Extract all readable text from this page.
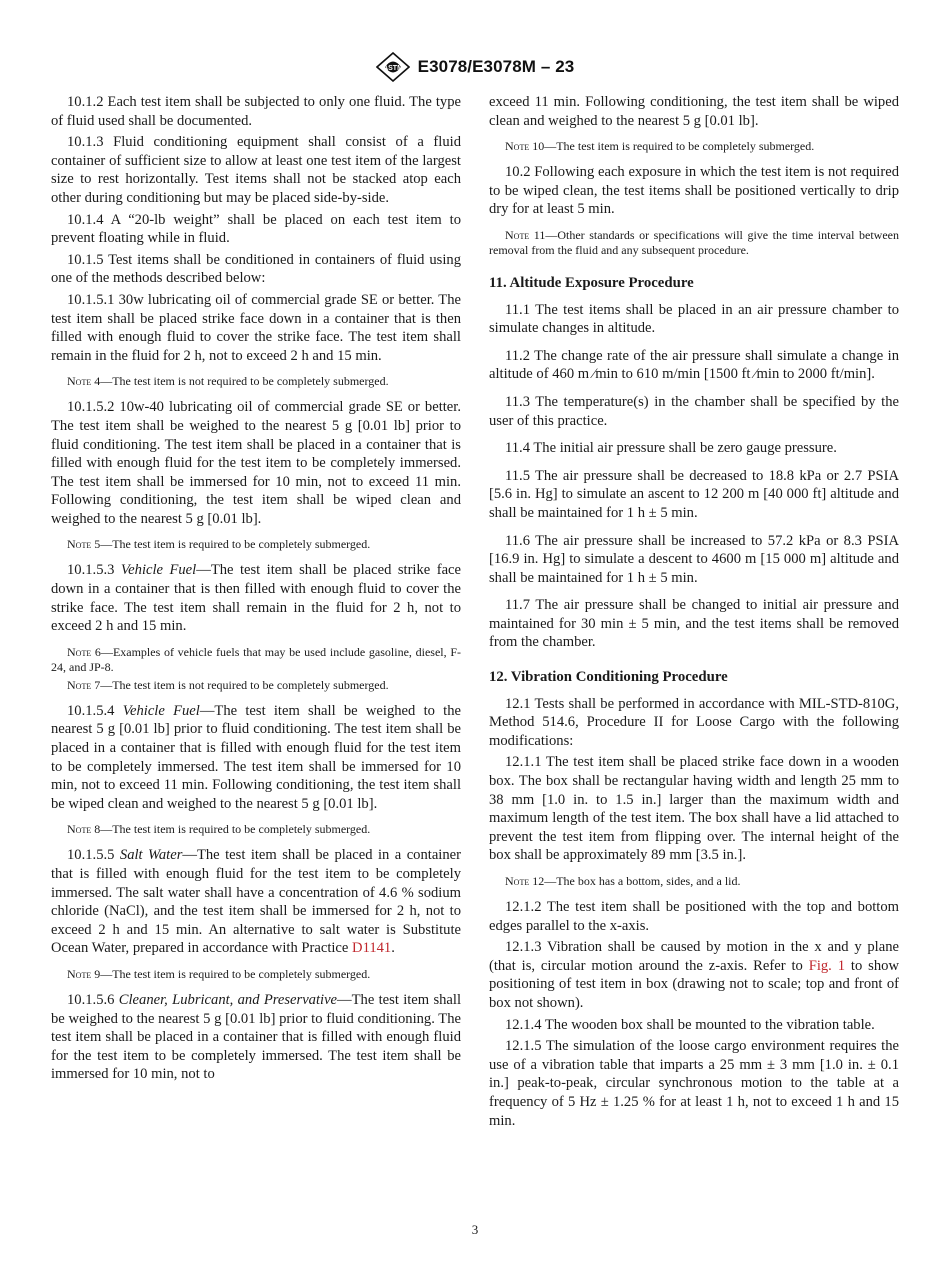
ASTM E3078/E3078M – 23

10.1.2 Each test item shall be subjected to only one fluid. The type of fluid used shall be documented.

10.1.3 Fluid conditioning equipment shall consist of a fluid container of sufficient size to allow at least one test item of the largest size to rest horizontally. Test items shall not be stacked atop each other during conditioning but may be placed side-by-side.

10.1.4 A “20-lb weight” shall be placed on each test item to prevent floating while in fluid.

10.1.5 Test items shall be conditioned in containers of fluid using one of the methods described below:

10.1.5.1 30w lubricating oil of commercial grade SE or better. The test item shall be placed strike face down in a container that is then filled with enough fluid to cover the strike face. The test item shall remain in the fluid for 2 h, not to exceed 2 h and 15 min.

Note 4—The test item is not required to be completely submerged.

10.1.5.2 10w-40 lubricating oil of commercial grade SE or better. The test item shall be weighed to the nearest 5 g [0.01 lb] prior to fluid conditioning. The test item shall be placed in a container that is filled with enough fluid for the test item to be completely immersed. The test item shall be immersed for 10 min, not to exceed 11 min. Following conditioning, the test item shall be wiped clean and weighed to the nearest 5 g [0.01 lb].

Note 5—The test item is required to be completely submerged.

10.1.5.3 Vehicle Fuel—The test item shall be placed strike face down in a container that is then filled with enough fluid to cover the strike face. The test item shall remain in the fluid for 2 h, not to exceed 2 h and 15 min.

Note 6—Examples of vehicle fuels that may be used include gasoline, diesel, F-24, and JP-8.

Note 7—The test item is not required to be completely submerged.

10.1.5.4 Vehicle Fuel—The test item shall be weighed to the nearest 5 g [0.01 lb] prior to fluid conditioning. The test item shall be placed in a container that is filled with enough fluid for the test item to be completely immersed. The test item shall be immersed for 10 min, not to exceed 11 min. Following conditioning, the test item shall be wiped clean and weighed to the nearest 5 g [0.01 lb].

Note 8—The test item is required to be completely submerged.

10.1.5.5 Salt Water—The test item shall be placed in a container that is filled with enough fluid for the test item to be completely immersed. The salt water shall have a concentration of 4.6 % sodium chloride (NaCl), and the test item shall be immersed for 2 h, not to exceed 2 h and 15 min. An alternative to salt water is Substitute Ocean Water, prepared in accordance with Practice D1141.

Note 9—The test item is required to be completely submerged.

10.1.5.6 Cleaner, Lubricant, and Preservative—The test item shall be weighed to the nearest 5 g [0.01 lb] prior to fluid conditioning. The test item shall be placed in a container that is filled with enough fluid for the test item to be completely immersed. The test item shall be immersed for 10 min, not to

exceed 11 min. Following conditioning, the test item shall be wiped clean and weighed to the nearest 5 g [0.01 lb].

Note 10—The test item is required to be completely submerged.

10.2 Following each exposure in which the test item is not required to be wiped clean, the test items shall be positioned vertically to drip dry for at least 5 min.

Note 11—Other standards or specifications will give the time interval between removal from the fluid and any subsequent procedure.

11. Altitude Exposure Procedure

11.1 The test items shall be placed in an air pressure chamber to simulate changes in altitude.

11.2 The change rate of the air pressure shall simulate a change in altitude of 460 m ⁄min to 610 m/min [1500 ft ⁄min to 2000 ft/min].

11.3 The temperature(s) in the chamber shall be specified by the user of this practice.

11.4 The initial air pressure shall be zero gauge pressure.

11.5 The air pressure shall be decreased to 18.8 kPa or 2.7 PSIA [5.6 in. Hg] to simulate an ascent to 12 200 m [40 000 ft] altitude and shall be maintained for 1 h ± 5 min.

11.6 The air pressure shall be increased to 57.2 kPa or 8.3 PSIA [16.9 in. Hg] to simulate a descent to 4600 m [15 000 m] altitude and shall be maintained for 1 h ± 5 min.

11.7 The air pressure shall be changed to initial air pressure and maintained for 30 min ± 5 min, and the test items shall be removed from the chamber.

12. Vibration Conditioning Procedure

12.1 Tests shall be performed in accordance with MIL-STD-810G, Method 514.6, Procedure II for Loose Cargo with the following modifications:

12.1.1 The test item shall be placed strike face down in a wooden box. The box shall be rectangular having width and length 25 mm to 38 mm [1.0 in. to 1.5 in.] larger than the maximum width and maximum length of the test item. The box shall have a lid attached to prevent the test item from flipping over. The internal height of the box shall be approximately 89 mm [3.5 in.].

Note 12—The box has a bottom, sides, and a lid.

12.1.2 The test item shall be positioned with the top and bottom edges parallel to the x-axis.

12.1.3 Vibration shall be caused by motion in the x and y plane (that is, circular motion around the z-axis. Refer to Fig. 1 to show positioning of test item in box (drawing not to scale; top and front of box not shown).

12.1.4 The wooden box shall be mounted to the vibration table.

12.1.5 The simulation of the loose cargo environment requires the use of a vibration table that imparts a 25 mm ± 3 mm [1.0 in. ± 0.1 in.] peak-to-peak, circular synchronous motion to the table at a frequency of 5 Hz ± 1.25 % for at least 1 h, not to exceed 1 h and 15 min.

3
